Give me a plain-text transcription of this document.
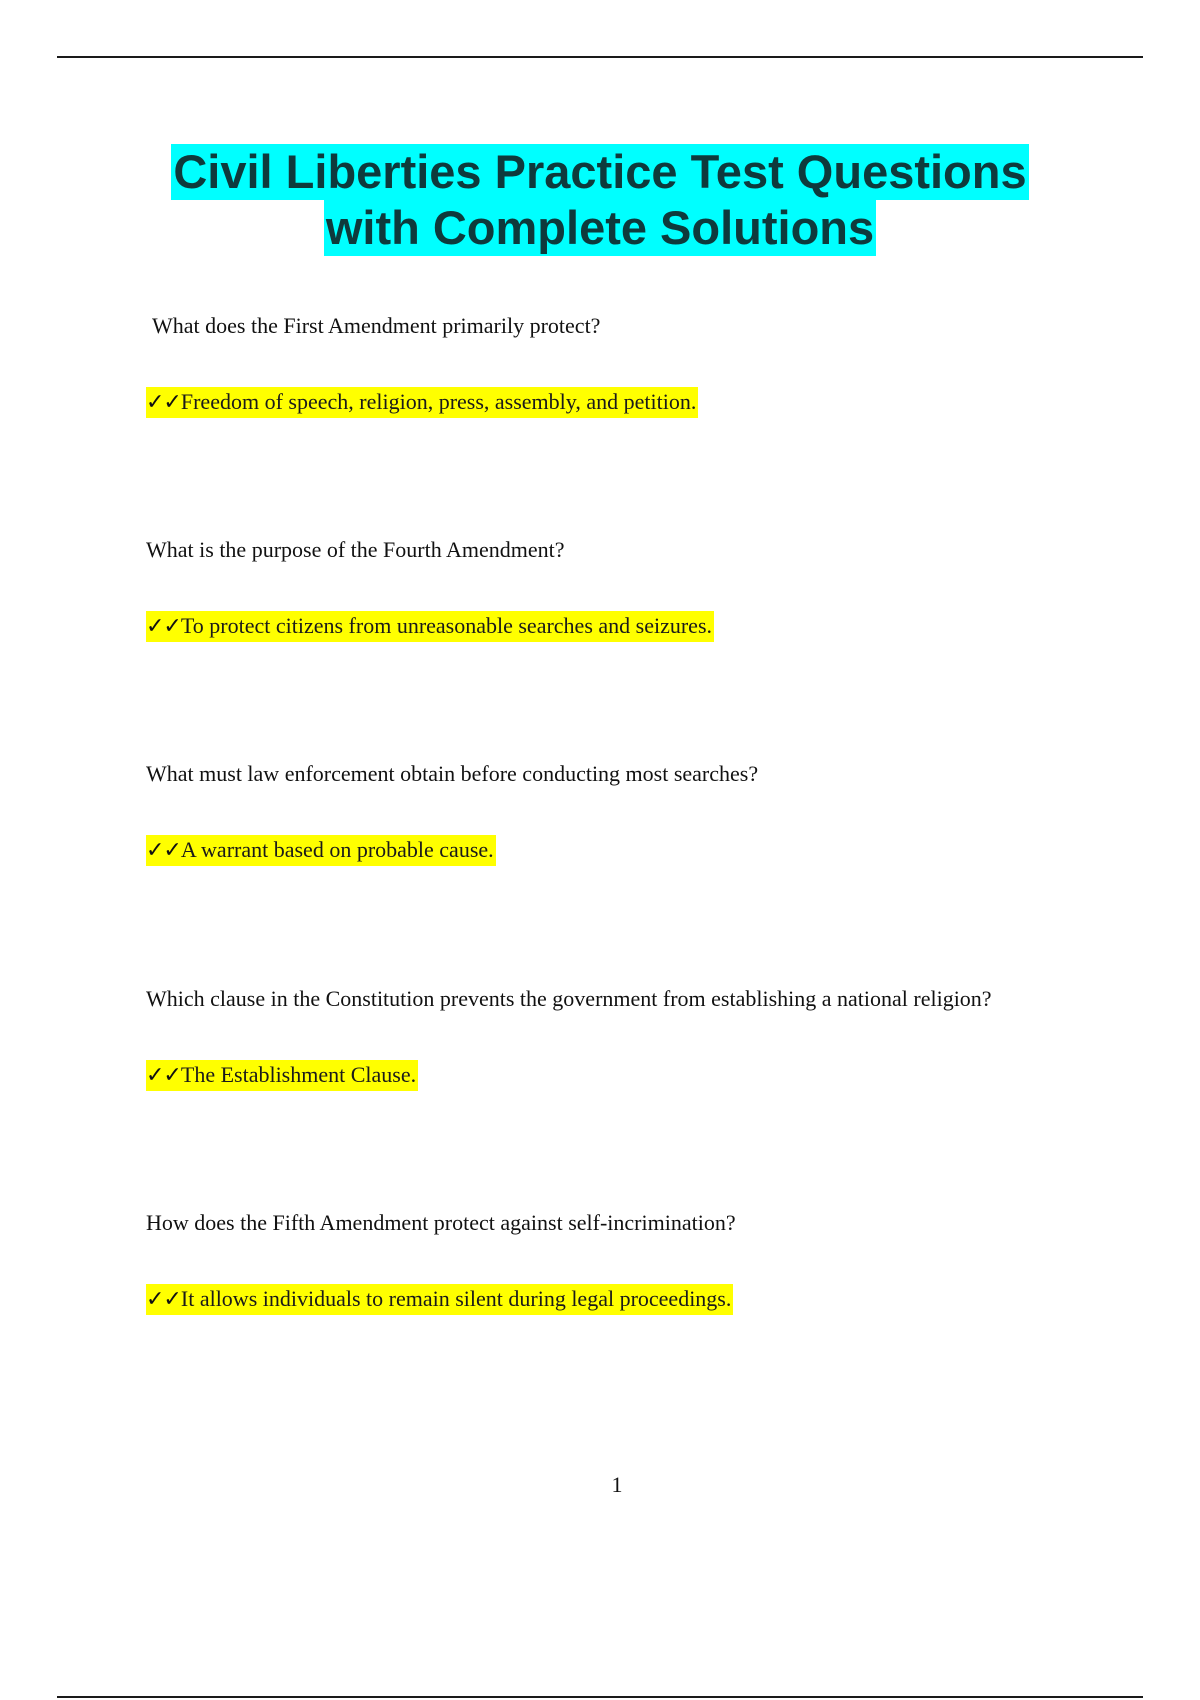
Civil Liberties Practice Test Questions
with Complete Solutions
What does the First Amendment primarily protect?
✓✓Freedom of speech, religion, press, assembly, and petition.
What is the purpose of the Fourth Amendment?
✓✓To protect citizens from unreasonable searches and seizures.
What must law enforcement obtain before conducting most searches?
✓✓A warrant based on probable cause.
Which clause in the Constitution prevents the government from establishing a national religion?
✓✓The Establishment Clause.
How does the Fifth Amendment protect against self-incrimination?
✓✓It allows individuals to remain silent during legal proceedings.
1
